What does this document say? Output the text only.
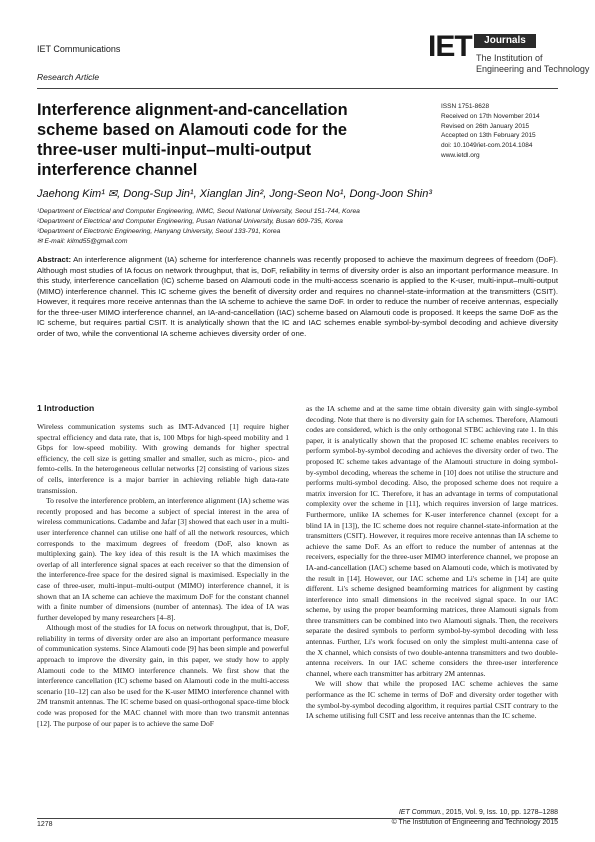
IET Communications
Research Article
IET	Journals
The Institution of
Engineering and Technology
Interference alignment-and-cancellation scheme based on Alamouti code for the three-user multi-input–multi-output interference channel
ISSN 1751-8628
Received on 17th November 2014
Revised on 26th January 2015
Accepted on 13th February 2015
doi: 10.1049/iet-com.2014.1084
www.ietdl.org
Jaehong Kim¹ ✉, Dong-Sup Jin¹, Xianglan Jin², Jong-Seon No¹, Dong-Joon Shin³
¹Department of Electrical and Computer Engineering, INMC, Seoul National University, Seoul 151-744, Korea
²Department of Electrical and Computer Engineering, Pusan National University, Busan 609-735, Korea
³Department of Electronic Engineering, Hanyang University, Seoul 133-791, Korea
✉ E-mail: kilmd55@gmail.com
Abstract: An interference alignment (IA) scheme for interference channels was recently proposed to achieve the maximum degrees of freedom (DoF). Although most studies of IA focus on network throughput, that is, DoF, reliability in terms of diversity order is also an important performance measure. In this study, interference cancellation (IC) scheme based on Alamouti code in the multi-access scenario is applied to the K-user, multi-input–multi-output (MIMO) interference channel. This IC scheme gives the benefit of diversity order and requires no channel-state-information at the transmitters (CSIT). However, it requires more receive antennas than the IA scheme to achieve the same DoF. In order to reduce the number of receive antennas, especially for the three-user MIMO interference channel, an IA-and-cancellation (IAC) scheme based on Alamouti code is proposed. It keeps the same DoF as the IC scheme, but requires partial CSIT. It is analytically shown that the IC and IAC schemes enable symbol-by-symbol decoding and achieve diversity order of two, while the conventional IA scheme achieves diversity order of one.
1 Introduction

Wireless communication systems such as IMT-Advanced [1] require higher spectral efficiency and data rate, that is, 100 Mbps for high-speed mobility and 1 Gbps for low-speed mobility. With growing demands for higher spectral efficiency, the cell size is getting smaller and smaller, such as micro-, pico- and femto-cells. In the heterogeneous cellular networks [2] consisting of various sizes of cells, interference is a major barrier in achieving reliable high data-rate transmission.

To resolve the interference problem, an interference alignment (IA) scheme was recently proposed and has become a subject of special interest in the area of wireless communications. Cadambe and Jafar [3] showed that each user in a multi-user interference channel can utilise one half of all the network resources, which corresponds to the maximum degrees of freedom (DoF, also known as multiplexing gain). The key idea of this result is the IA which maximises the overlap of all interference signal spaces at each receiver so that the dimension of the interference-free space for the desired signal is maximised. Especially in the case of three-user, multi-input–multi-output (MIMO) interference channel, it is shown that an IA scheme can achieve the maximum DoF for the constant channel with a finite number of dimensions (number of antennas). The idea of IA was further developed by many researchers [4–8].

Although most of the studies for IA focus on network throughput, that is, DoF, reliability in terms of diversity order are also an important performance measure of communication systems. Since Alamouti code [9] has been simple and powerful approach to improve the diversity gain, in this paper, we study how to apply Alamouti code to the MIMO interference channels. We first show that the interference cancellation (IC) scheme based on Alamouti code in the multi-access scenario [10–12] can also be used for the K-user MIMO interference channel with 2M transmit antennas. The IC scheme based on quasi-orthogonal space-time block code was proposed for the MAC channel with more than two transmit antennas [12]. The purpose of our paper is to achieve the same DoF

as the IA scheme and at the same time obtain diversity gain with single-symbol decoding. Note that there is no diversity gain for IA schemes. Therefore, Alamouti codes are considered, which is the only orthogonal STBC achieving rate 1. In this paper, it is analytically shown that the proposed IC scheme enables receivers to perform symbol-by-symbol decoding and achieves the diversity order of two. The proposed IC scheme takes advantage of the Alamouti structure in doing symbol-by-symbol decoding, whereas the scheme in [10] does not utilise the structure and performs multi-symbol decoding. Also, the proposed scheme does not require a matrix inversion for IC. Therefore, it has an advantage in terms of computational complexity over the scheme in [11], which requires inversion of large matrices. Furthermore, unlike IA schemes for K-user interference channel (except for a blind IA in [13]), the IC scheme does not require channel-state-information at the transmitters (CSIT). However, it requires more receive antennas than IA scheme to achieve the same DoF. As an effort to reduce the number of antennas at the receivers, especially for the three-user MIMO interference channel, we propose an IA-and-cancellation (IAC) scheme based on Alamouti code, which is motivated by the result in [14]. However, our IAC scheme and Li's scheme in [14] are quite different. Li's scheme designed beamforming matrices for alignment by casting interference into small dimensions in the received signal space. In our IAC scheme, by using the proper beamforming matrices, three Alamouti signals from three transmitters can be combined into two Alamouti signals. Then, the receivers separate the desired symbols to perform symbol-by-symbol decoding with less antennas. Further, Li's work focused on only the simplest multi-antenna case of the X channel, which consists of two double-antenna transmitters and two double-antenna receivers. In our IAC scheme considers the three-user interference channel, where each transmitter has arbitrary 2M antennas.

We will show that while the proposed IAC scheme achieves the same performance as the IC scheme in terms of DoF and diversity order together with the symbol-by-symbol decoding algorithm, it requires partial CSIT contrary to the IA scheme utilising full CSIT and less receive antennas than the IC scheme.

IET Commun., 2015, Vol. 9, Iss. 10, pp. 1278–1288
© The Institution of Engineering and Technology 2015
1278
